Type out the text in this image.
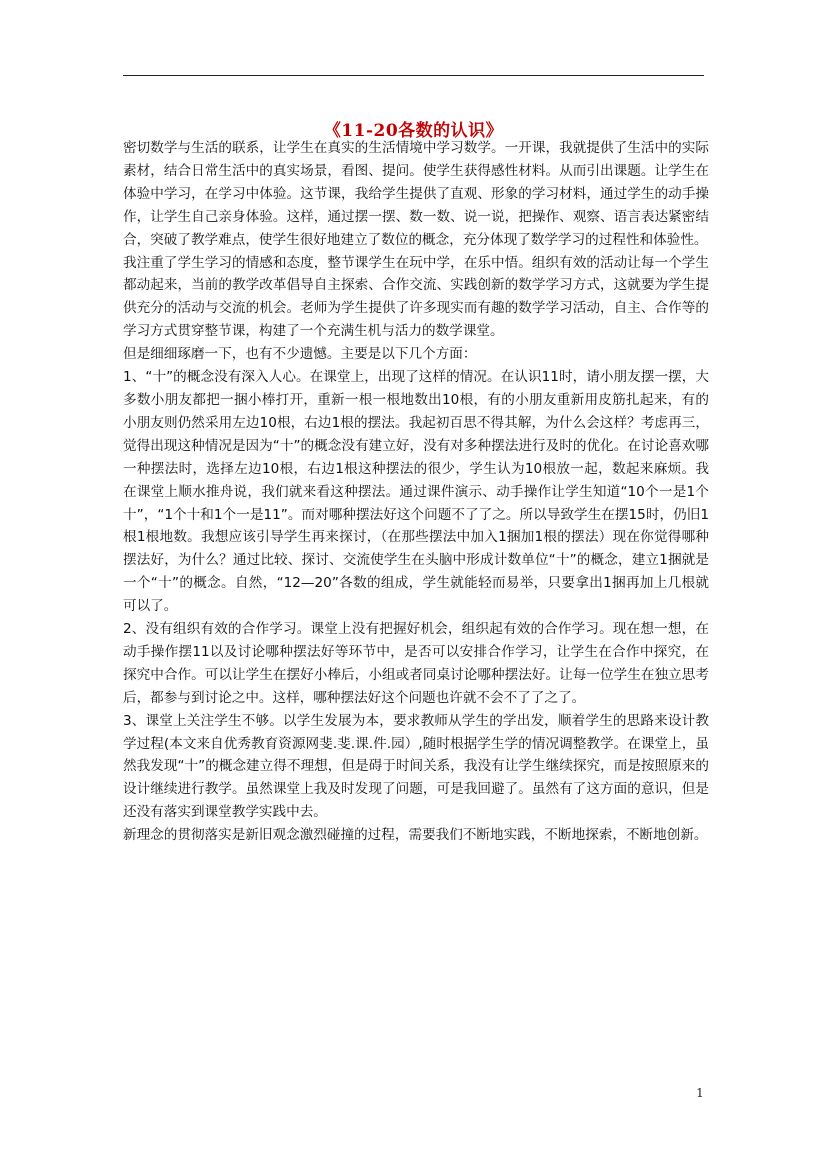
《11-20各数的认识》

密切数学与生活的联系，让学生在真实的生活情境中学习数学。一开课，我就提供了生活中的实际素材，结合日常生活中的真实场景，看图、提问。使学生获得感性材料。从而引出课题。让学生在体验中学习，在学习中体验。这节课，我给学生提供了直观、形象的学习材料，通过学生的动手操作，让学生自己亲身体验。这样，通过摆一摆、数一数、说一说，把操作、观察、语言表达紧密结合，突破了教学难点，使学生很好地建立了数位的概念，充分体现了数学学习的过程性和体验性。

我注重了学生学习的情感和态度，整节课学生在玩中学，在乐中悟。组织有效的活动让每一个学生都动起来，当前的教学改革倡导自主探索、合作交流、实践创新的数学学习方式，这就要为学生提供充分的活动与交流的机会。老师为学生提供了许多现实而有趣的数学学习活动，自主、合作等的学习方式贯穿整节课，构建了一个充满生机与活力的数学课堂。

但是细细琢磨一下，也有不少遗憾。主要是以下几个方面：

1、“十”的概念没有深入人心。在课堂上，出现了这样的情况。在认识11时，请小朋友摆一摆，大多数小朋友都把一捆小棒打开，重新一根一根地数出10根，有的小朋友重新用皮筋扎起来，有的小朋友则仍然采用左边10根，右边1根的摆法。我起初百思不得其解，为什么会这样？考虑再三，觉得出现这种情况是因为“十”的概念没有建立好，没有对多种摆法进行及时的优化。在讨论喜欢哪一种摆法时，选择左边10根，右边1根这种摆法的很少，学生认为10根放一起，数起来麻烦。我在课堂上顺水推舟说，我们就来看这种摆法。通过课件演示、动手操作让学生知道“10个一是1个十”，“1个十和1个一是11”。而对哪种摆法好这个问题不了了之。所以导致学生在摆15时，仍旧1根1根地数。我想应该引导学生再来探讨，（在那些摆法中加入1捆加1根的摆法）现在你觉得哪种摆法好，为什么？通过比较、探讨、交流使学生在头脑中形成计数单位“十”的概念，建立1捆就是一个“十”的概念。自然，“12—20”各数的组成，学生就能轻而易举，只要拿出1捆再加上几根就可以了。

2、没有组织有效的合作学习。课堂上没有把握好机会，组织起有效的合作学习。现在想一想，在动手操作摆11以及讨论哪种摆法好等环节中，是否可以安排合作学习，让学生在合作中探究，在探究中合作。可以让学生在摆好小棒后，小组或者同桌讨论哪种摆法好。让每一位学生在独立思考后，都参与到讨论之中。这样，哪种摆法好这个问题也许就不会不了了之了。

3、课堂上关注学生不够。以学生发展为本，要求教师从学生的学出发，顺着学生的思路来设计教学过程(本文来自优秀教育资源网斐.斐.课.件.园）,随时根据学生学的情况调整教学。在课堂上，虽然我发现“十”的概念建立得不理想，但是碍于时间关系，我没有让学生继续探究，而是按照原来的设计继续进行教学。虽然课堂上我及时发现了问题，可是我回避了。虽然有了这方面的意识，但是还没有落实到课堂教学实践中去。

新理念的贯彻落实是新旧观念激烈碰撞的过程，需要我们不断地实践，不断地探索，不断地创新。

1
